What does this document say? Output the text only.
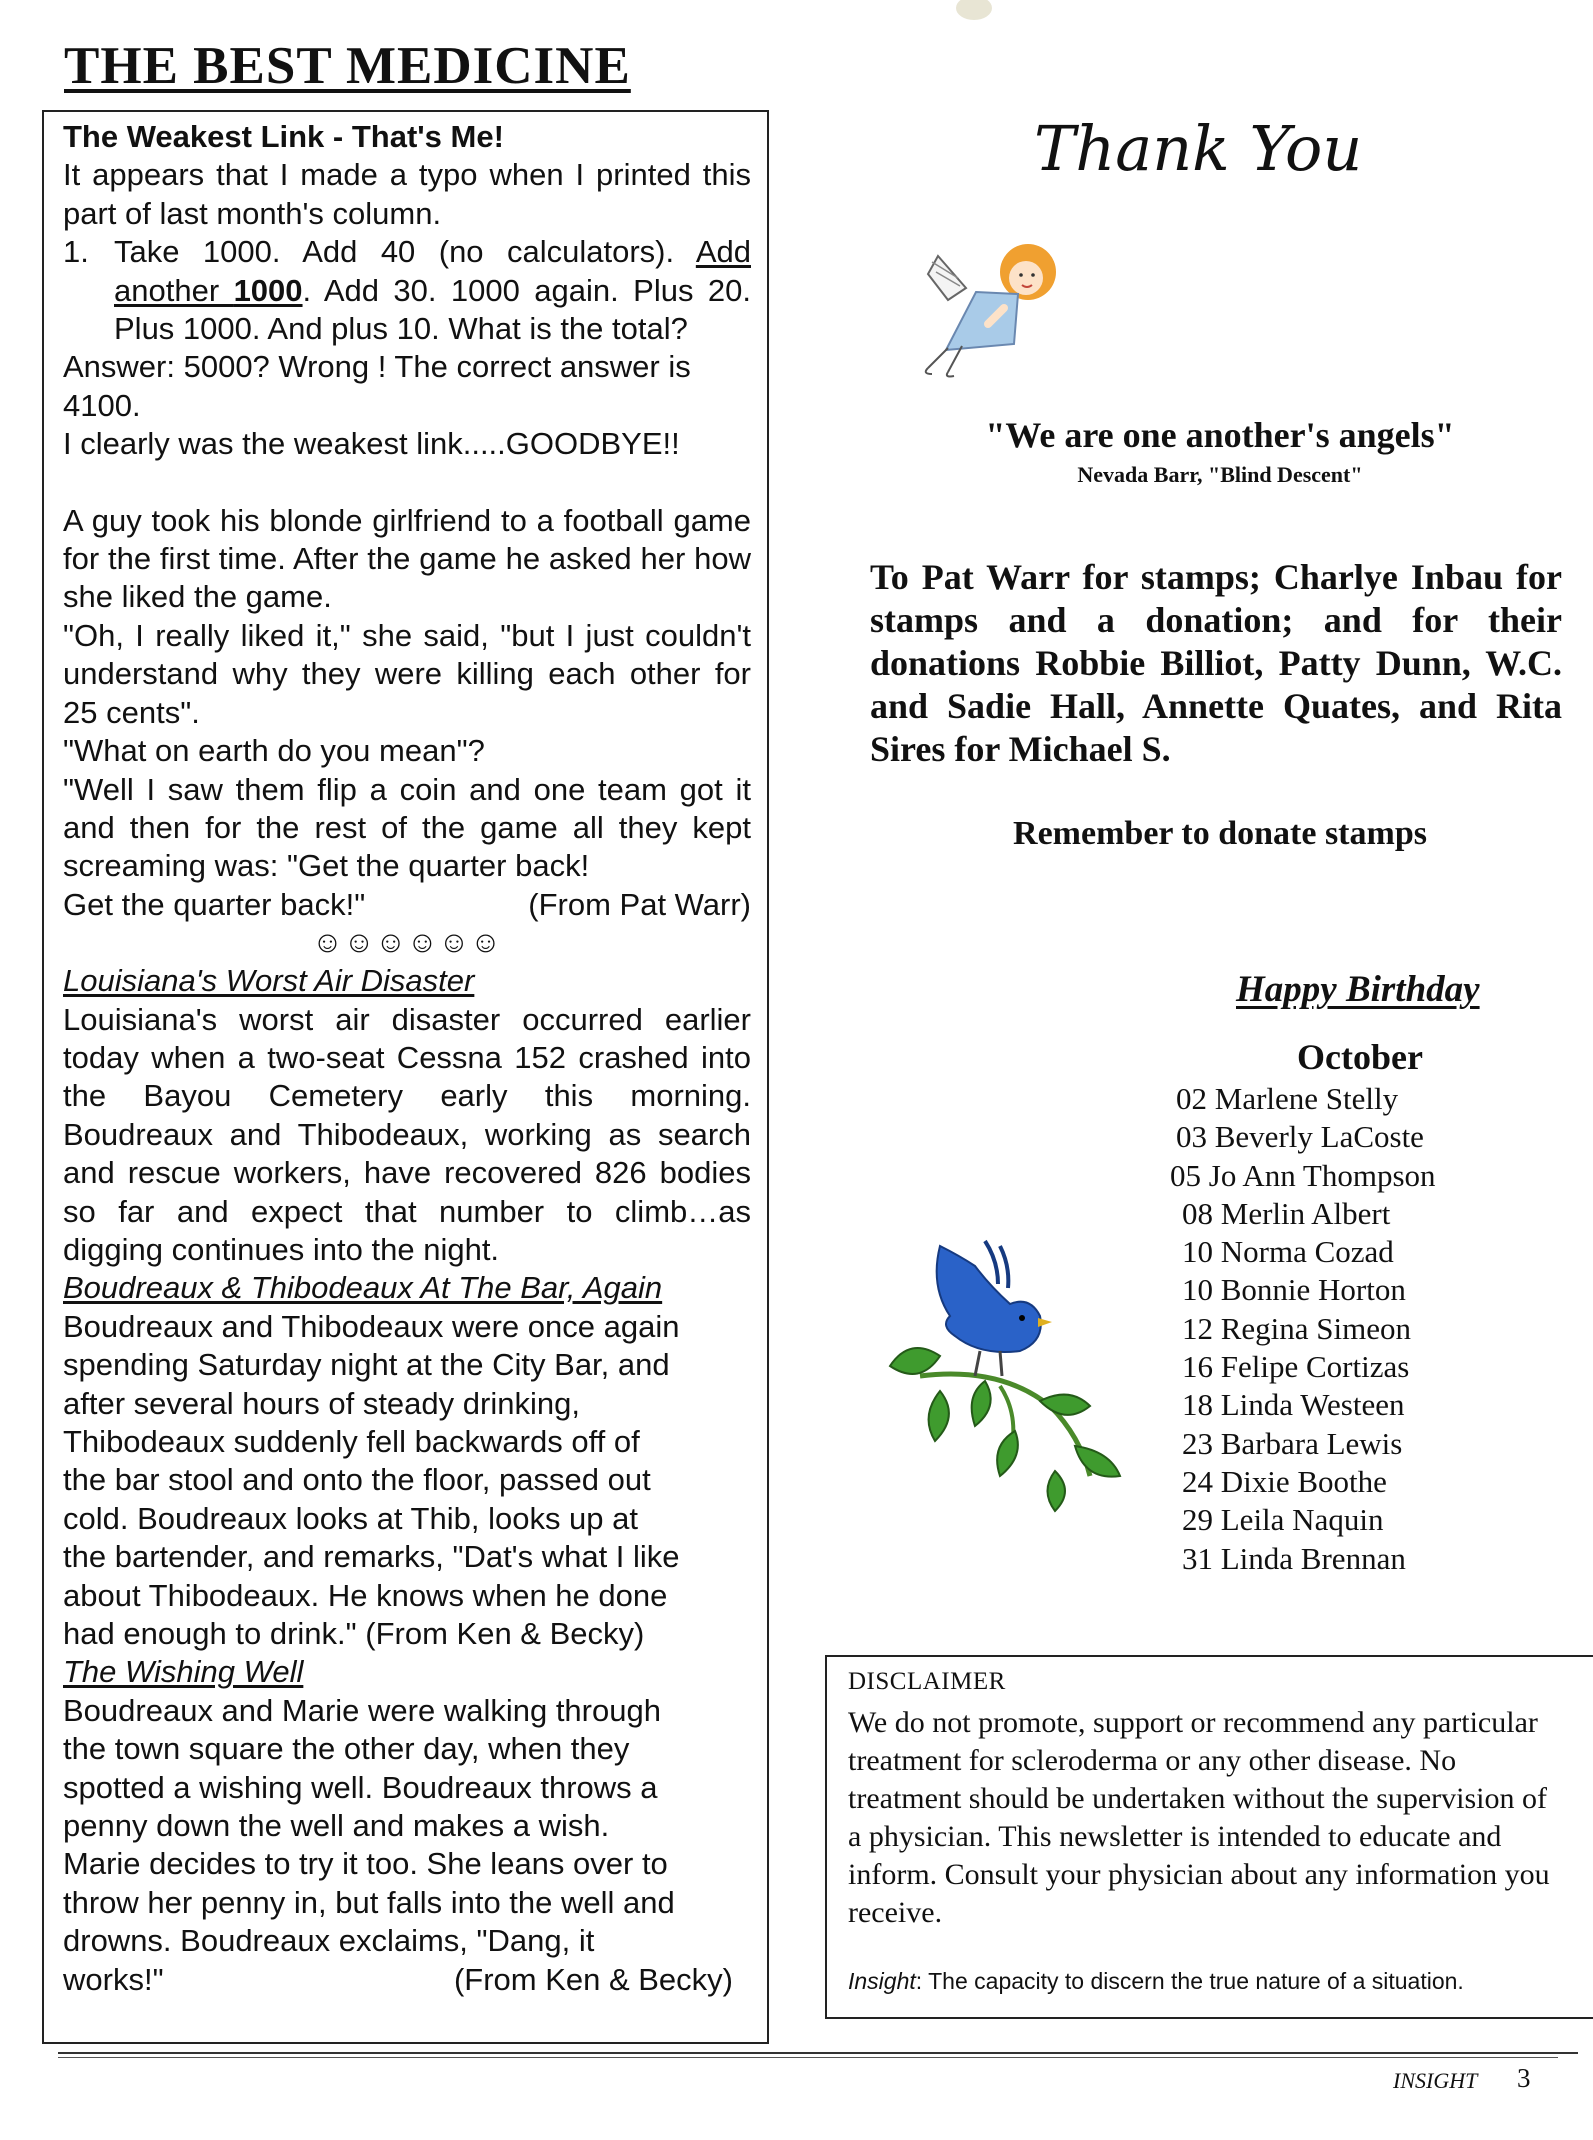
THE BEST MEDICINE

The Weakest Link - That's Me!

It appears that I made a typo when I printed this part of last month's column.

1. Take 1000. Add 40 (no calculators). Add another 1000. Add 30. 1000 again. Plus 20. Plus 1000. And plus 10. What is the total?

Answer: 5000? Wrong ! The correct answer is 4100.

I clearly was the weakest link.....GOODBYE!!

A guy took his blonde girlfriend to a football game for the first time. After the game he asked her how she liked the game.

"Oh, I really liked it," she said, "but I just couldn't understand why they were killing each other for 25 cents".

"What on earth do you mean"?

"Well I saw them flip a coin and one team got it and then for the rest of the game all they kept screaming was: "Get the quarter back!

Get the quarter back!"	(From Pat Warr)
☺☺☺☺☺☺

Louisiana's Worst Air Disaster

Louisiana's worst air disaster occurred earlier today when a two-seat Cessna 152 crashed into the Bayou Cemetery early this morning. Boudreaux and Thibodeaux, working as search and rescue workers, have recovered 826 bodies so far and expect that number to climb…as digging continues into the night.

Boudreaux & Thibodeaux At The Bar, Again

Boudreaux and Thibodeaux were once again
spending Saturday night at the City Bar, and
after several hours of steady drinking,
Thibodeaux suddenly fell backwards off of
the bar stool and onto the floor, passed out
cold. Boudreaux looks at Thib, looks up at
the bartender, and remarks, "Dat's what I like
about Thibodeaux. He knows when he done
had enough to drink." (From Ken & Becky)

The Wishing Well

Boudreaux and Marie were walking through
the town square the other day, when they
spotted a wishing well. Boudreaux throws a
penny down the well and makes a wish.
Marie decides to try it too. She leans over to
throw her penny in, but falls into the well and
drowns. Boudreaux exclaims, "Dang, it
works!"	(From Ken & Becky)

Thank You

"We are one another's angels"

Nevada Barr, "Blind Descent"

To Pat Warr for stamps; Charlye Inbau for stamps and a donation; and for their donations Robbie Billiot, Patty Dunn, W.C. and Sadie Hall, Annette Quates, and Rita Sires for Michael S.

Remember to donate stamps

Happy Birthday

October

02 Marlene Stelly
03 Beverly LaCoste
05 Jo Ann Thompson
08 Merlin Albert
10 Norma Cozad
10 Bonnie Horton
12 Regina Simeon
16 Felipe Cortizas
18 Linda Westeen
23 Barbara Lewis
24 Dixie Boothe
29 Leila Naquin
31 Linda Brennan

DISCLAIMER

We do not promote, support or recommend any particular treatment for scleroderma or any other disease. No treatment should be undertaken without the supervision of a physician. This newsletter is intended to educate and inform. Consult your physician about any information you receive.

Insight: The capacity to discern the true nature of a situation.

INSIGHT 3
